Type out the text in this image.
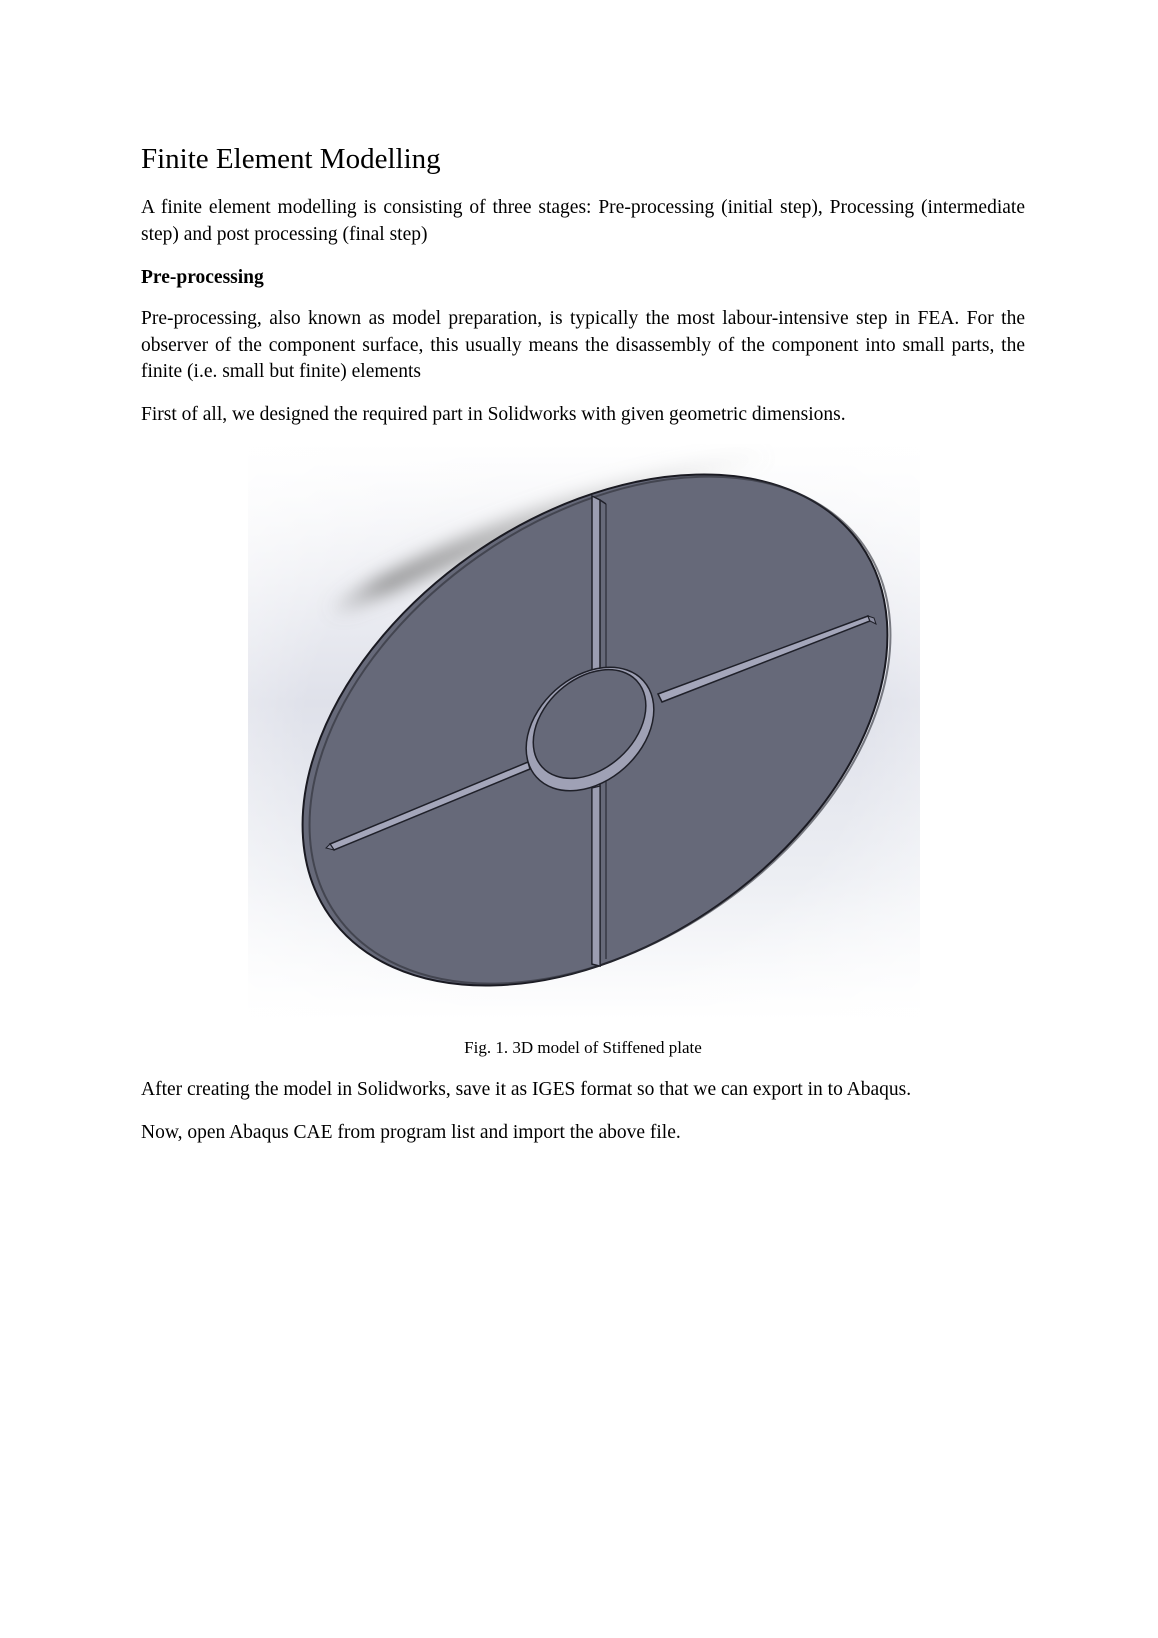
Finite Element Modelling

A finite element modelling is consisting of three stages: Pre-processing (initial step), Processing (intermediate step) and post processing (final step)

Pre-processing

Pre-processing, also known as model preparation, is typically the most labour-intensive step in FEA. For the observer of the component surface, this usually means the disassembly of the component into small parts, the finite (i.e. small but finite) elements

First of all, we designed the required part in Solidworks with given geometric dimensions.

Fig. 1. 3D model of Stiffened plate

After creating the model in Solidworks, save it as IGES format so that we can export in to Abaqus.

Now, open Abaqus CAE from program list and import the above file.
